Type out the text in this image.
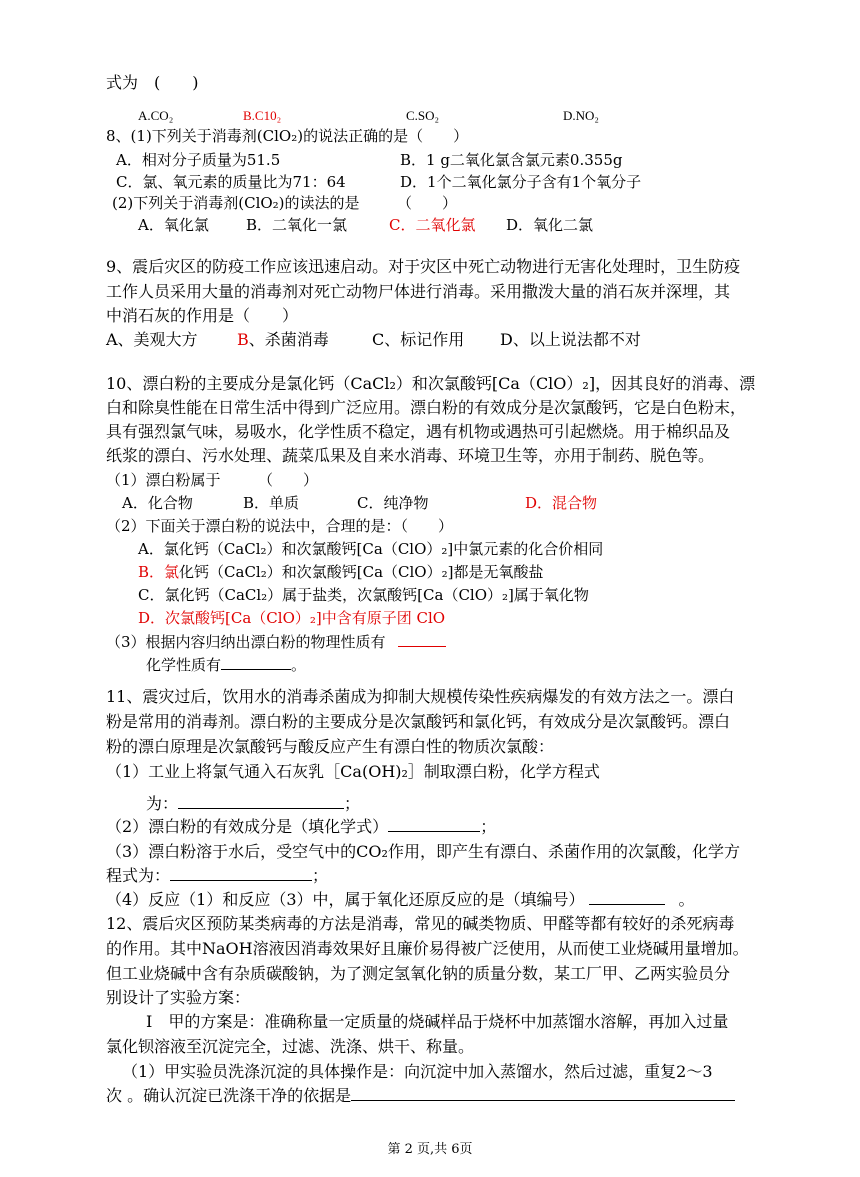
式为　(　　)
A.CO₂	B.C10₂	C.SO₂	D.NO₂
8、(1)下列关于消毒剂(ClO₂)的说法正确的是（　　）
A．相对分子质量为51.5	B．1 g二氧化氯含氯元素0.355g
C．氯、氧元素的质量比为71：64	D．1个二氧化氯分子含有1个氧分子
(2)下列关于消毒剂(ClO₂)的读法的是　　　（　　）
A．氧化氯 B．二氧化一氯	C．二氧化氯 D．氧化二氯
9、震后灾区的防疫工作应该迅速启动。对于灾区中死亡动物进行无害化处理时，卫生防疫
工作人员采用大量的消毒剂对死亡动物尸体进行消毒。采用撒泼大量的消石灰并深埋，其
中消石灰的作用是（　　）
A、美观大方 B、杀菌消毒	C、标记作用 D、以上说法都不对
10、漂白粉的主要成分是氯化钙（CaCl₂）和次氯酸钙[Ca（ClO）₂]，因其良好的消毒、漂
白和除臭性能在日常生活中得到广泛应用。漂白粉的有效成分是次氯酸钙，它是白色粉末，
具有强烈氯气味，易吸水，化学性质不稳定，遇有机物或遇热可引起燃烧。用于棉织品及
纸浆的漂白、污水处理、蔬菜瓜果及自来水消毒、环境卫生等，亦用于制药、脱色等。
（1）漂白粉属于　　　（　　）
A．化合物	B．单质	C．纯净物	D．混合物
（2）下面关于漂白粉的说法中，合理的是：（　　）
A．氯化钙（CaCl₂）和次氯酸钙[Ca（ClO）₂]中氯元素的化合价相同
B．氯化钙（CaCl₂）和次氯酸钙[Ca（ClO）₂]都是无氧酸盐
C．氯化钙（CaCl₂）属于盐类，次氯酸钙[Ca（ClO）₂]属于氧化物
D．次氯酸钙[Ca（ClO）₂]中含有原子团 ClO
（3）根据内容归纳出漂白粉的物理性质有
化学性质有	。
11、震灾过后，饮用水的消毒杀菌成为抑制大规模传染性疾病爆发的有效方法之一。漂白
粉是常用的消毒剂。漂白粉的主要成分是次氯酸钙和氯化钙，有效成分是次氯酸钙。漂白
粉的漂白原理是次氯酸钙与酸反应产生有漂白性的物质次氯酸：
（1）工业上将氯气通入石灰乳［Ca(OH)₂］制取漂白粉，化学方程式
为：	；
（2）漂白粉的有效成分是（填化学式）	；
（3）漂白粉溶于水后，受空气中的CO₂作用，即产生有漂白、杀菌作用的次氯酸，化学方
程式为：	；
（4）反应（1）和反应（3）中，属于氧化还原反应的是（填编号）	。
12、震后灾区预防某类病毒的方法是消毒，常见的碱类物质、甲醛等都有较好的杀死病毒
的作用。其中NaOH溶液因消毒效果好且廉价易得被广泛使用，从而使工业烧碱用量增加。
但工业烧碱中含有杂质碳酸钠，为了测定氢氧化钠的质量分数，某工厂甲、乙两实验员分
别设计了实验方案：
Ⅰ　甲的方案是：准确称量一定质量的烧碱样品于烧杯中加蒸馏水溶解，再加入过量
氯化钡溶液至沉淀完全，过滤、洗涤、烘干、称量。
（1）甲实验员洗涤沉淀的具体操作是：向沉淀中加入蒸馏水，然后过滤，重复2～3
次 。确认沉淀已洗涤干净的依据是
第 2 页,共 6页
